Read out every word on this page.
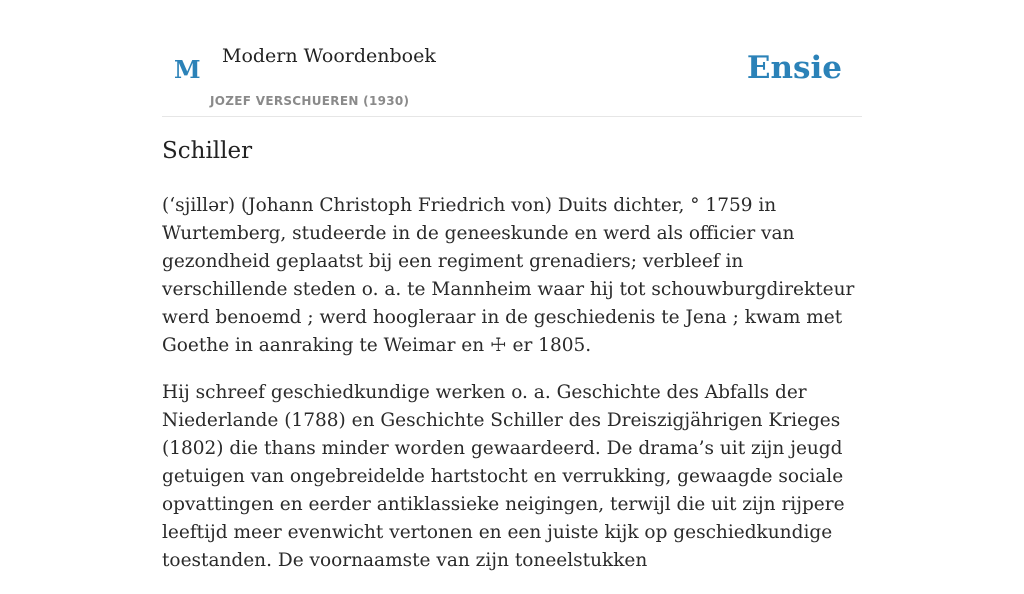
M Modern Woordenboek
JOZEF VERSCHUEREN (1930)
Ensie
Schiller

(ʻsjillər) (Johann Christoph Friedrich von) Duits dichter, ° 1759 in Wurtemberg, studeerde in de geneeskunde en werd als officier van gezondheid geplaatst bij een regiment grenadiers; verbleef in verschillende steden o. a. te Mannheim waar hij tot schouwburgdirekteur werd benoemd ; werd hoogleraar in de geschiedenis te Jena ; kwam met Goethe in aanraking te Weimar en ☩ er 1805.

Hij schreef geschiedkundige werken o. a. Geschichte des Abfalls der Niederlande (1788) en Geschichte Schiller des Dreiszigjährigen Krieges (1802) die thans minder worden gewaardeerd. De drama’s uit zijn jeugd getuigen van ongebreidelde hartstocht en verrukking, gewaagde sociale opvattingen en eerder antiklassieke neigingen, terwijl die uit zijn rijpere leeftijd meer evenwicht vertonen en een juiste kijk op geschiedkundige toestanden. De voornaamste van zijn toneelstukken
